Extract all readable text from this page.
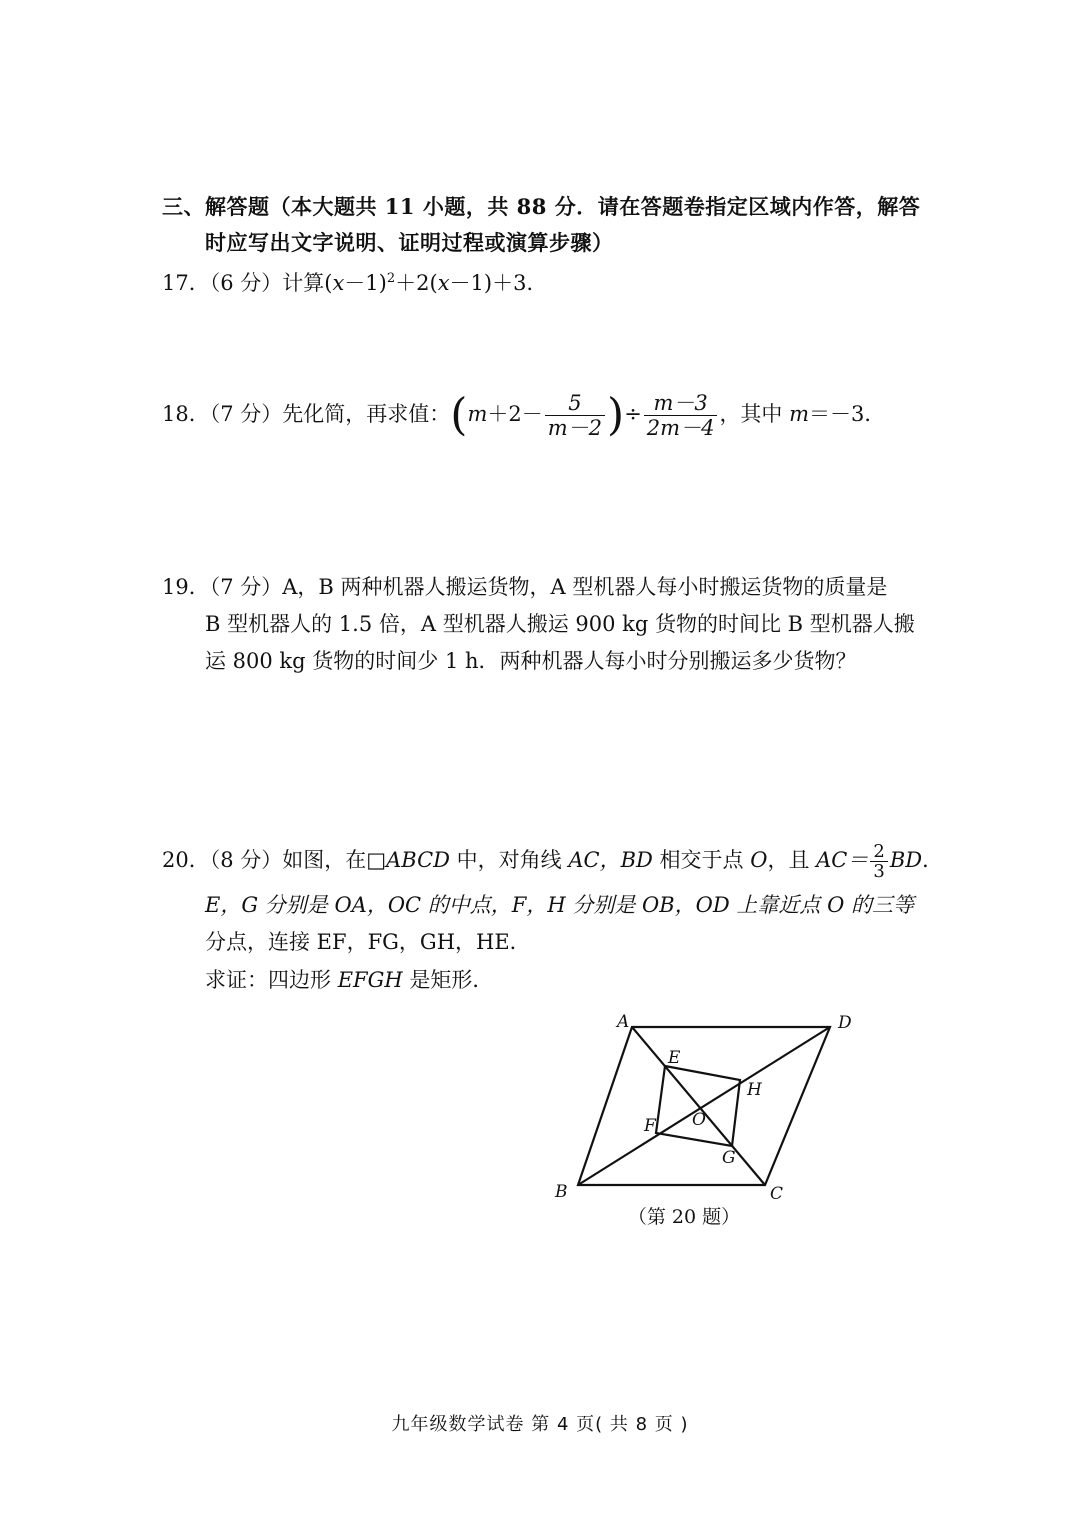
三、解答题（本大题共 11 小题，共 88 分．请在答题卷指定区域内作答，解答
时应写出文字说明、证明过程或演算步骤）
17．（6 分）计算$(x-1)^2+2(x-1)+3$．
18．（7 分）先化简，再求值：($m+2- \frac{5}{m-2}$ )÷ $\frac{m-3}{2m-4}$ ，其中 m＝－3．
19．（7 分）A，B 两种机器人搬运货物，A 型机器人每小时搬运货物的质量是
B 型机器人的 1.5 倍，A 型机器人搬运 900 kg 货物的时间比 B 型机器人搬
运 800 kg 货物的时间少 1 h．两种机器人每小时分别搬运多少货物？
20．（8 分）如图，在□ABCD 中，对角线 AC，BD 相交于点 O，且 $AC= \frac{2}{3}$ BD．
E，G 分别是 OA，OC 的中点，F，H 分别是 OB，OD 上靠近点 O 的三等
分点，连接 EF，FG，GH，HE．
求证：四边形 EFGH 是矩形．
A	D
B	C
E
H
F O
G
（第 20 题）
九年级数学试卷 第 4 页( 共 8 页 )
